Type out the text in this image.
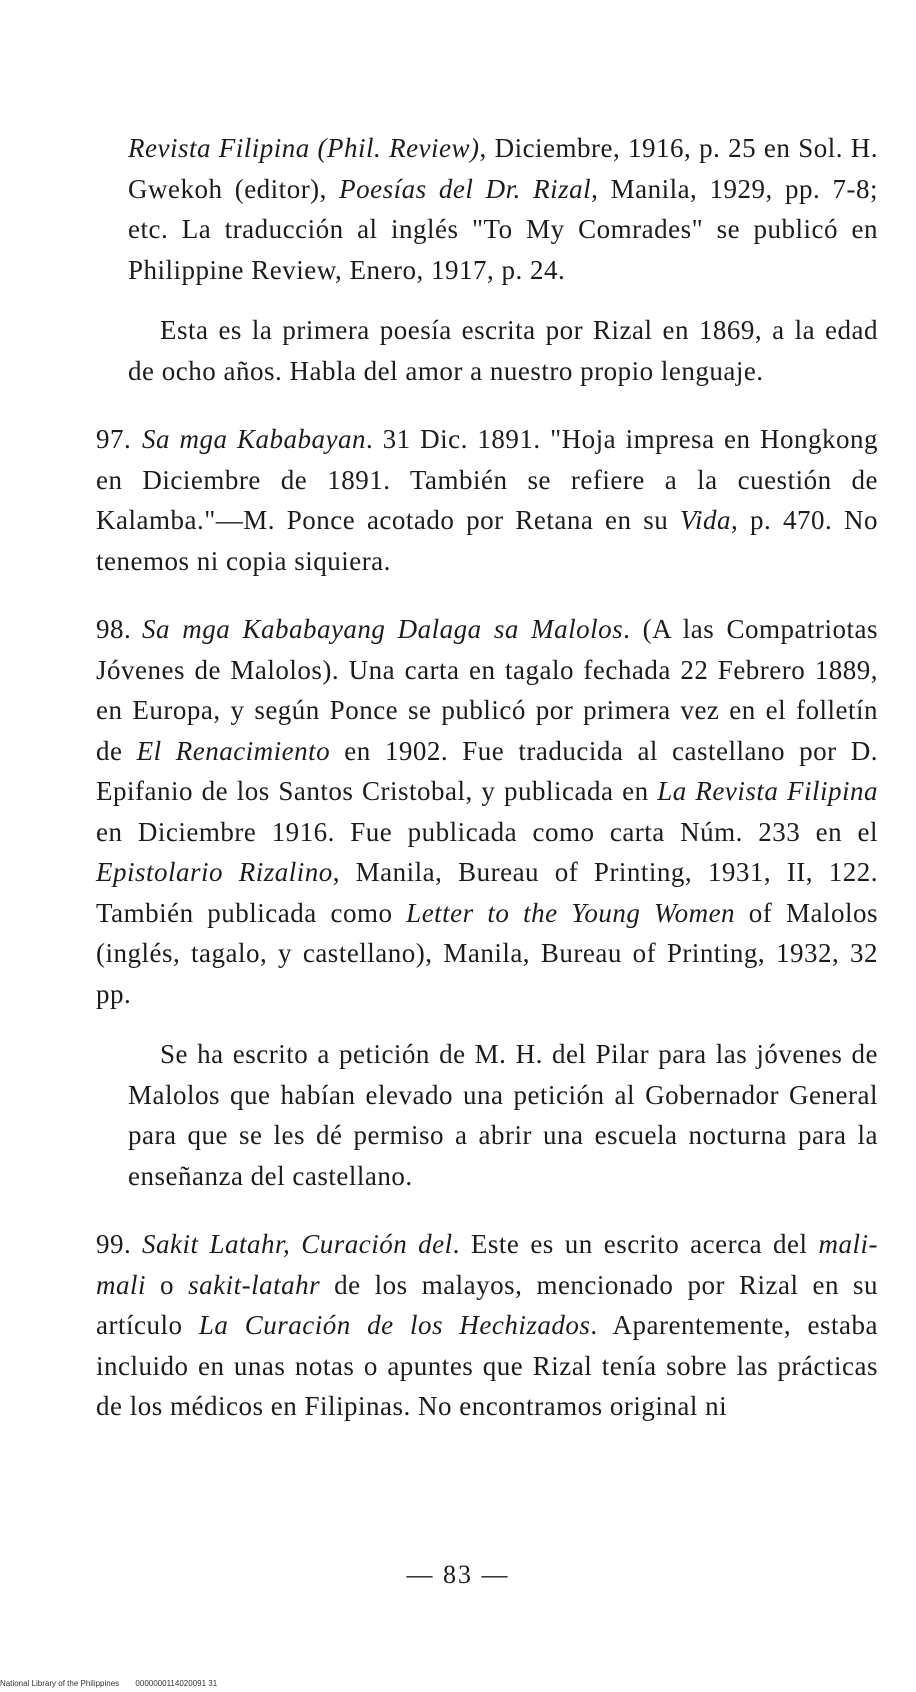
Revista Filipina (Phil. Review), Diciembre, 1916, p. 25 en Sol. H. Gwekoh (editor), Poesías del Dr. Rizal, Manila, 1929, pp. 7-8; etc. La traducción al inglés "To My Comrades" se publicó en Philippine Review, Enero, 1917, p. 24.

Esta es la primera poesía escrita por Rizal en 1869, a la edad de ocho años. Habla del amor a nuestro propio lenguaje.

97. Sa mga Kababayan. 31 Dic. 1891. "Hoja impresa en Hongkong en Diciembre de 1891. También se refiere a la cuestión de Kalamba."—M. Ponce acotado por Retana en su Vida, p. 470. No tenemos ni copia siquiera.

98. Sa mga Kababayang Dalaga sa Malolos. (A las Compatriotas Jóvenes de Malolos). Una carta en tagalo fechada 22 Febrero 1889, en Europa, y según Ponce se publicó por primera vez en el folletín de El Renacimiento en 1902. Fue traducida al castellano por D. Epifanio de los Santos Cristobal, y publicada en La Revista Filipina en Diciembre 1916. Fue publicada como carta Núm. 233 en el Epistolario Rizalino, Manila, Bureau of Printing, 1931, II, 122. También publicada como Letter to the Young Women of Malolos (inglés, tagalo, y castellano), Manila, Bureau of Printing, 1932, 32 pp.

Se ha escrito a petición de M. H. del Pilar para las jóvenes de Malolos que habían elevado una petición al Gobernador General para que se les dé permiso a abrir una escuela nocturna para la enseñanza del castellano.

99. Sakit Latahr, Curación del. Este es un escrito acerca del mali-mali o sakit-latahr de los malayos, mencionado por Rizal en su artículo La Curación de los Hechizados. Aparentemente, estaba incluido en unas notas o apuntes que Rizal tenía sobre las prácticas de los médicos en Filipinas. No encontramos original ni

— 83 —
National Library of the Philippines 0000000114020091 31
